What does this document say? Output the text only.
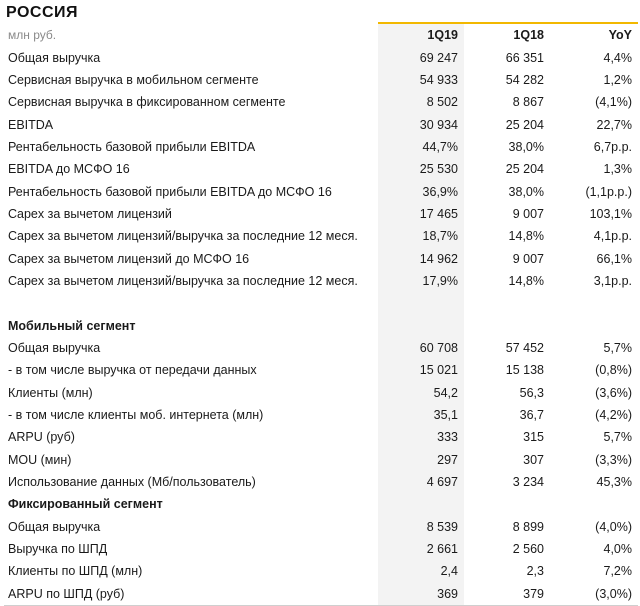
РОССИЯ
млн руб.	1Q19	1Q18	YoY
Общая выручка	69 247	66 351	4,4%
Сервисная выручка в мобильном сегменте	54 933	54 282	1,2%
Сервисная выручка в фиксированном сегменте	8 502	8 867	(4,1%)
EBITDA	30 934	25 204	22,7%
Рентабельность базовой прибыли EBITDA	44,7%	38,0%	6,7p.p.
EBITDA до МСФО 16	25 530	25 204	1,3%
Рентабельность базовой прибыли EBITDA до МСФО 16	36,9%	38,0%	(1,1p.p.)
Capex за вычетом лицензий	17 465	9 007	103,1%
Capex за вычетом лицензий/выручка за последние 12 меся.	18,7%	14,8%	4,1p.p.
Capex за вычетом лицензий до МСФО 16	14 962	9 007	66,1%
Capex за вычетом лицензий/выручка за последние 12 меся.	17,9%	14,8%	3,1p.p.

Мобильный сегмент			
Общая выручка	60 708	57 452	5,7%
- в том числе выручка от передачи данных	15 021	15 138	(0,8%)
Клиенты (млн)	54,2	56,3	(3,6%)
- в том числе клиенты моб. интернета (млн)	35,1	36,7	(4,2%)
ARPU (руб)	333	315	5,7%
MOU (мин)	297	307	(3,3%)
Использование данных (Мб/пользователь)	4 697	3 234	45,3%
Фиксированный сегмент			
Общая выручка	8 539	8 899	(4,0%)
Выручка по ШПД	2 661	2 560	4,0%
Клиенты по ШПД (млн)	2,4	2,3	7,2%
ARPU по ШПД (руб)	369	379	(3,0%)
